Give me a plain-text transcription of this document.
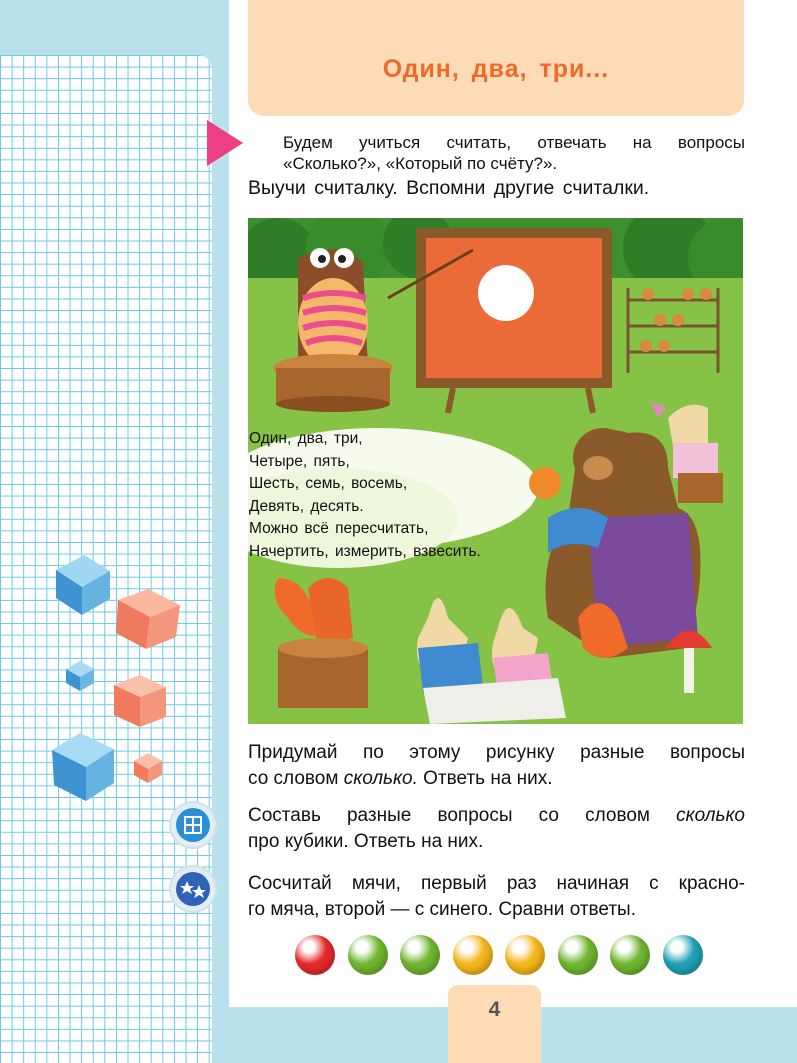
Один, два, три...
Будем учиться считать, отвечать на вопросы
«Сколько?», «Который по счёту?».
Выучи считалку. Вспомни другие считалки.
Один, два, три,
Четыре, пять,
Шесть, семь, восемь,
Девять, десять.
Можно всё пересчитать,
Начертить, измерить, взвесить.
Придумай по этому рисунку разные вопросы
со словом сколько. Ответь на них.
Составь разные вопросы со словом сколько
про кубики. Ответь на них.
Сосчитай мячи, первый раз начиная с красно-
го мяча, второй — с синего. Сравни ответы.
4
